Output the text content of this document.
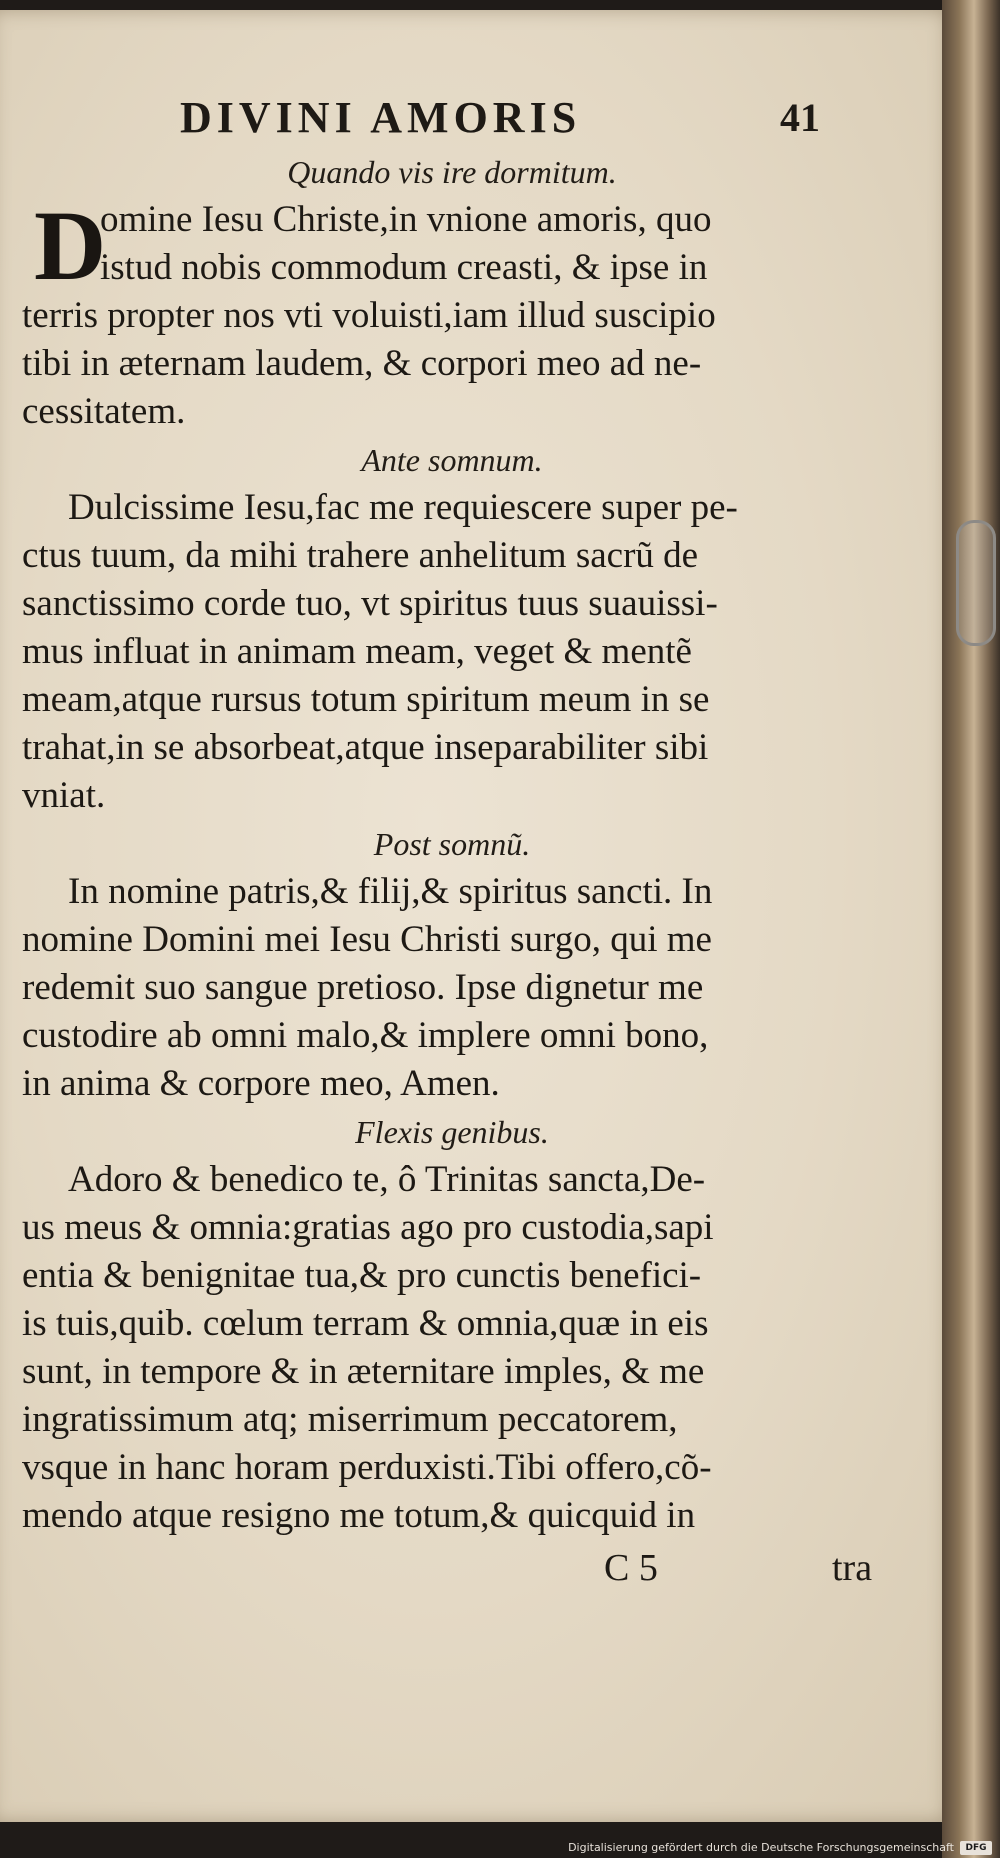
DIVINI AMORIS	41
Quando vis ire dormitum.
D
omine Iesu Christe,in vnione amoris, quo
istud nobis commodum creasti, & ipse in
terris propter nos vti voluisti,iam illud suscipio
tibi in æternam laudem, & corpori meo ad ne-
cessitatem.
Ante somnum.
Dulcissime Iesu,fac me requiescere super pe-
ctus tuum, da mihi trahere anhelitum sacrũ de
sanctissimo corde tuo, vt spiritus tuus suauissi-
mus influat in animam meam, veget & mentẽ
meam,atque rursus totum spiritum meum in se
trahat,in se absorbeat,atque inseparabiliter sibi
vniat.
Post somnũ.
In nomine patris,& filij,& spiritus sancti. In
nomine Domini mei Iesu Christi surgo, qui me
redemit suo sangue pretioso. Ipse dignetur me
custodire ab omni malo,& implere omni bono,
in anima & corpore meo, Amen.
Flexis genibus.
Adoro & benedico te, ô Trinitas sancta,De-
us meus & omnia:gratias ago pro custodia,sapi
entia & benignitae tua,& pro cunctis benefici-
is tuis,quib. cœlum terram & omnia,quæ in eis
sunt, in tempore & in æternitare imples, & me
ingratissimum atq; miserrimum peccatorem,
vsque in hanc horam perduxisti.Tibi offero,cõ-
mendo atque resigno me totum,& quicquid in
C 5	tra
Digitalisierung gefördert durch die Deutsche Forschungsgemeinschaft	DFG
